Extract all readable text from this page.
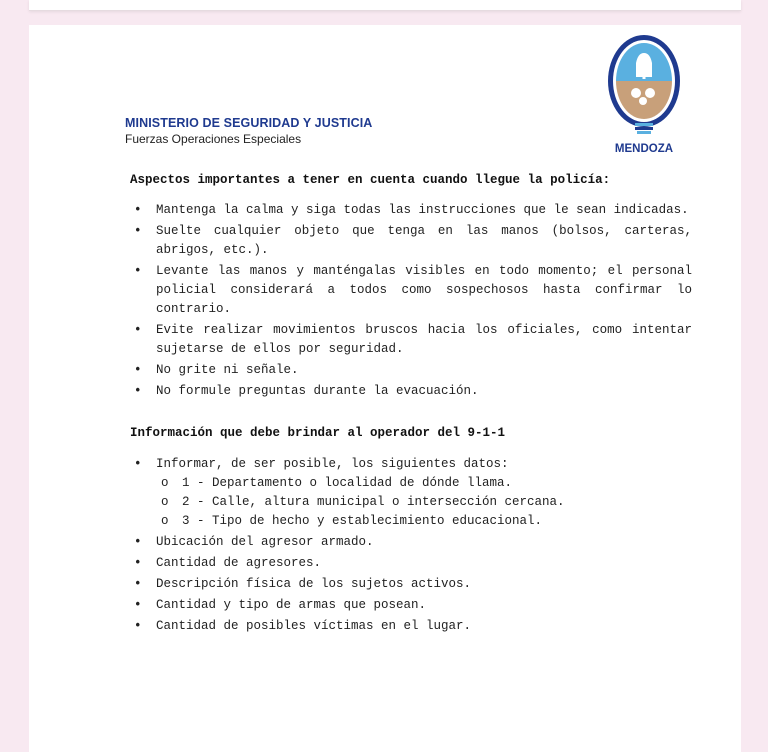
MINISTERIO DE SEGURIDAD Y JUSTICIA
Fuerzas Operaciones Especiales
MENDOZA
Aspectos importantes a tener en cuenta cuando llegue la policía:
• Mantenga la calma y siga todas las instrucciones que le sean indicadas.
• Suelte cualquier objeto que tenga en las manos (bolsos, carteras, abrigos, etc.).
• Levante las manos y manténgalas visibles en todo momento; el personal policial considerará a todos como sospechosos hasta confirmar lo contrario.
• Evite realizar movimientos bruscos hacia los oficiales, como intentar sujetarse de ellos por seguridad.
• No grite ni señale.
• No formule preguntas durante la evacuación.
Información que debe brindar al operador del 9-1-1
• Informar, de ser posible, los siguientes datos:
o 1 - Departamento o localidad de dónde llama.
o 2 - Calle, altura municipal o intersección cercana.
o 3 - Tipo de hecho y establecimiento educacional.
• Ubicación del agresor armado.
• Cantidad de agresores.
• Descripción física de los sujetos activos.
• Cantidad y tipo de armas que posean.
• Cantidad de posibles víctimas en el lugar.
